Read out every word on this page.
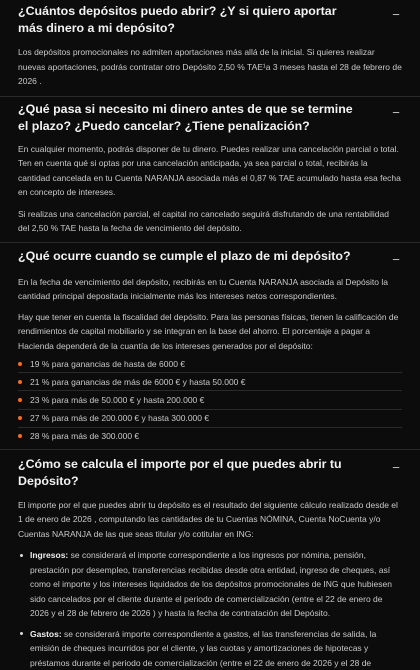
¿Cuántos depósitos puedo abrir? ¿Y si quiero aportar más dinero a mi depósito?
−

Los depósitos promocionales no admiten aportaciones más allá de la inicial. Si quieres realizar nuevas aportaciones, podrás contratar otro Depósito 2,50 % TAE¹a 3 meses hasta el 28 de febrero de 2026 .

¿Qué pasa si necesito mi dinero antes de que se termine el plazo? ¿Puedo cancelar? ¿Tiene penalización?
−

En cualquier momento, podrás disponer de tu dinero. Puedes realizar una cancelación parcial o total. Ten en cuenta qué si optas por una cancelación anticipada, ya sea parcial o total, recibirás la cantidad cancelada en tu Cuenta NARANJA asociada más el 0,87 % TAE acumulado hasta esa fecha en concepto de intereses.

Si realizas una cancelación parcial, el capital no cancelado seguirá disfrutando de una rentabilidad del 2,50 % TAE hasta la fecha de vencimiento del depósito.

¿Qué ocurre cuando se cumple el plazo de mi depósito?	−

En la fecha de vencimiento del depósito, recibirás en tu Cuenta NARANJA asociada al Depósito la cantidad principal depositada inicialmente más los intereses netos correspondientes.

Hay que tener en cuenta la fiscalidad del depósito. Para las personas físicas, tienen la calificación de rendimientos de capital mobiliario y se integran en la base del ahorro. El porcentaje a pagar a Hacienda dependerá de la cuantía de los intereses generados por el depósito:

19 % para ganancias de hasta de 6000 €
21 % para ganancias de más de 6000 € y hasta 50.000 €
23 % para más de 50.000 € y hasta 200.000 €
27 % para más de 200.000 € y hasta 300.000 €
28 % para más de 300.000 €
¿Cómo se calcula el importe por el que puedes abrir tu Depósito?
−

El importe por el que puedes abrir tu depósito es el resultado del siguiente cálculo realizado desde el 1 de enero de 2026 , computando las cantidades de tu Cuentas NÓMINA, Cuenta NoCuenta y/o Cuentas NARANJA de las que seas titular y/o cotitular en ING:

Ingresos: se considerará el importe correspondiente a los ingresos por nómina, pensión, prestación por desempleo, transferencias recibidas desde otra entidad, ingreso de cheques, así como el importe y los intereses liquidados de los depósitos promocionales de ING que hubiesen sido cancelados por el cliente durante el periodo de comercialización (entre el 22 de enero de 2026 y el 28 de febrero de 2026 ) y hasta la fecha de contratación del Depósito.
Gastos: se considerará importe correspondiente a gastos, el las transferencias de salida, la emisión de cheques incurridos por el cliente, y las cuotas y amortizaciones de hipotecas y préstamos durante el periodo de comercialización (entre el 22 de enero de 2026 y el 28 de
